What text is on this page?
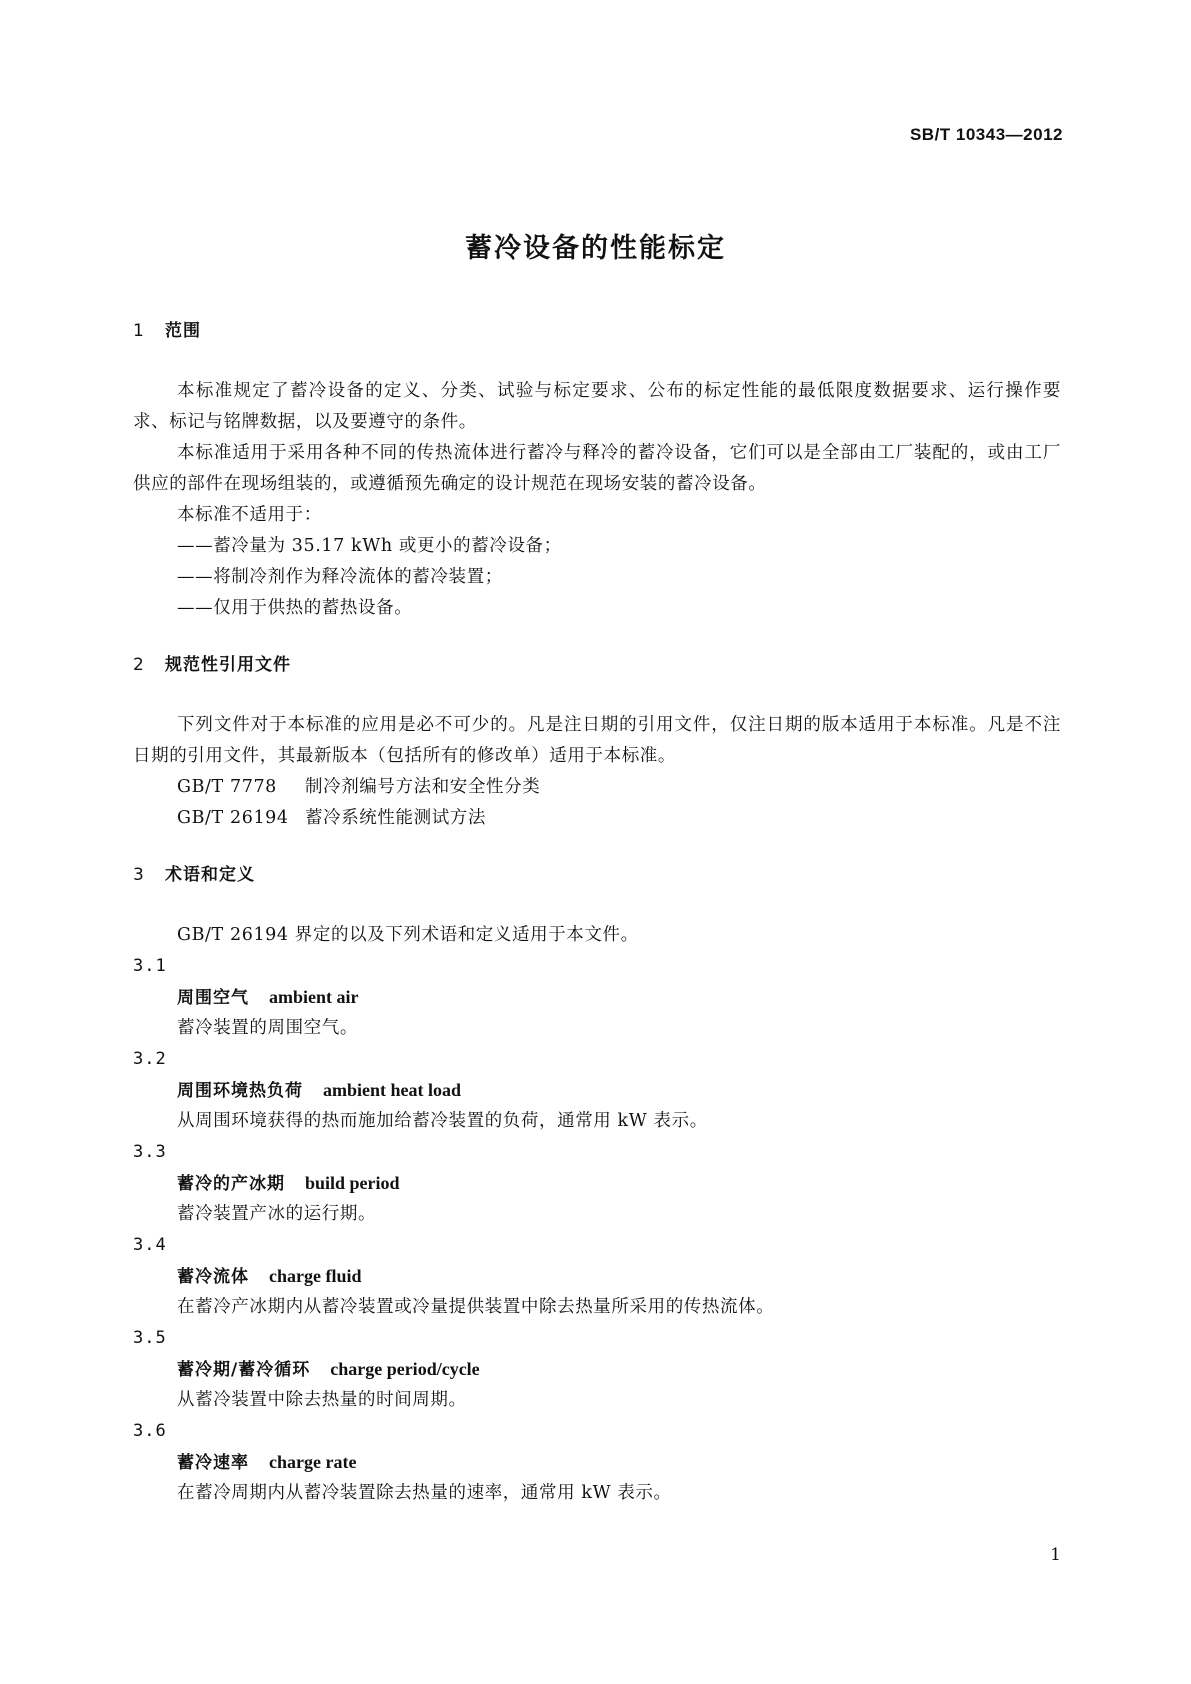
SB/T 10343—2012
蓄冷设备的性能标定
1 范围

本标准规定了蓄冷设备的定义、分类、试验与标定要求、公布的标定性能的最低限度数据要求、运行操作要求、标记与铭牌数据，以及要遵守的条件。

本标准适用于采用各种不同的传热流体进行蓄冷与释冷的蓄冷设备，它们可以是全部由工厂装配的，或由工厂供应的部件在现场组装的，或遵循预先确定的设计规范在现场安装的蓄冷设备。

本标准不适用于：

——蓄冷量为 35.17 kWh 或更小的蓄冷设备；
——将制冷剂作为释冷流体的蓄冷装置；
——仅用于供热的蓄热设备。
2 规范性引用文件

下列文件对于本标准的应用是必不可少的。凡是注日期的引用文件，仅注日期的版本适用于本标准。凡是不注日期的引用文件，其最新版本（包括所有的修改单）适用于本标准。

GB/T 7778 制冷剂编号方法和安全性分类
GB/T 26194 蓄冷系统性能测试方法
3 术语和定义

GB/T 26194 界定的以及下列术语和定义适用于本文件。

3.1
周围空气 ambient air
蓄冷装置的周围空气。
3.2
周围环境热负荷 ambient heat load
从周围环境获得的热而施加给蓄冷装置的负荷，通常用 kW 表示。
3.3
蓄冷的产冰期 build period
蓄冷装置产冰的运行期。
3.4
蓄冷流体 charge fluid
在蓄冷产冰期内从蓄冷装置或冷量提供装置中除去热量所采用的传热流体。
3.5
蓄冷期/蓄冷循环 charge period/cycle
从蓄冷装置中除去热量的时间周期。
3.6
蓄冷速率 charge rate
在蓄冷周期内从蓄冷装置除去热量的速率，通常用 kW 表示。
1
